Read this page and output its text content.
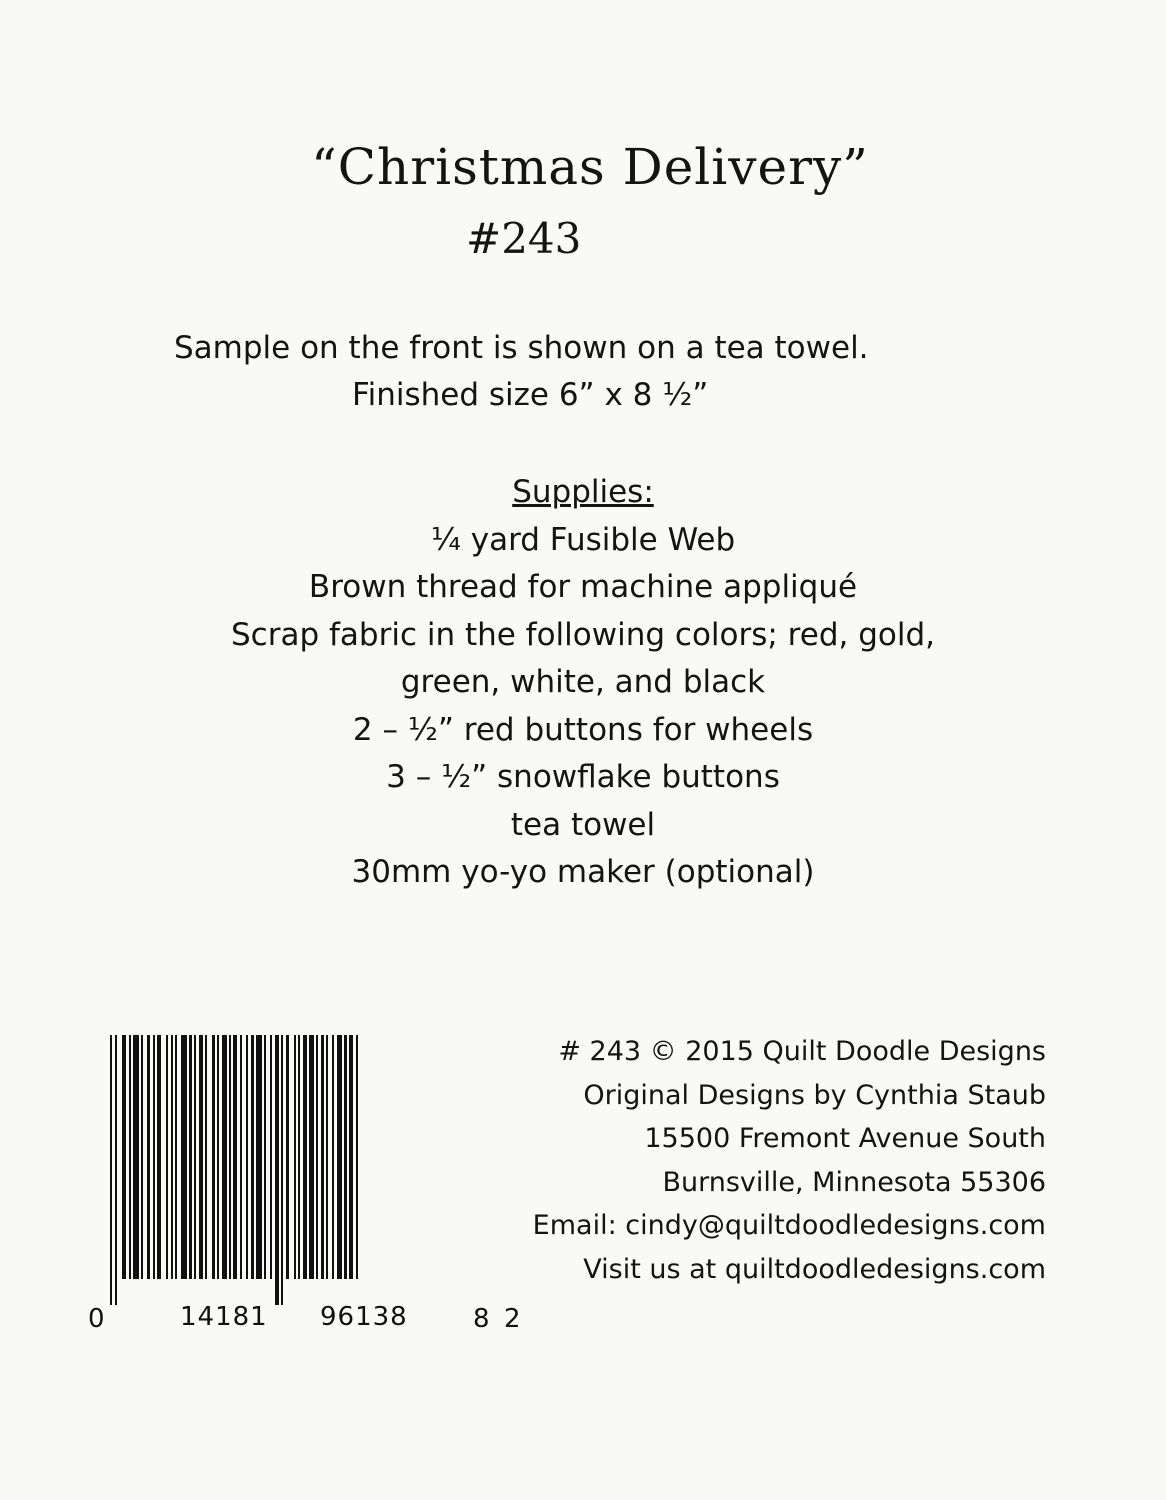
“Christmas Delivery”
#243
Sample on the front is shown on a tea towel.
Finished size 6” x 8 ½”
Supplies:
¼ yard Fusible Web
Brown thread for machine appliqué
Scrap fabric in the following colors; red, gold,
green, white, and black
2 – ½” red buttons for wheels
3 – ½” snowflake buttons
tea towel
30mm yo-yo maker (optional)
0	14181 96138	8 2
# 243 © 2015 Quilt Doodle Designs
Original Designs by Cynthia Staub
15500 Fremont Avenue South
Burnsville, Minnesota 55306
Email: cindy@quiltdoodledesigns.com
Visit us at quiltdoodledesigns.com
